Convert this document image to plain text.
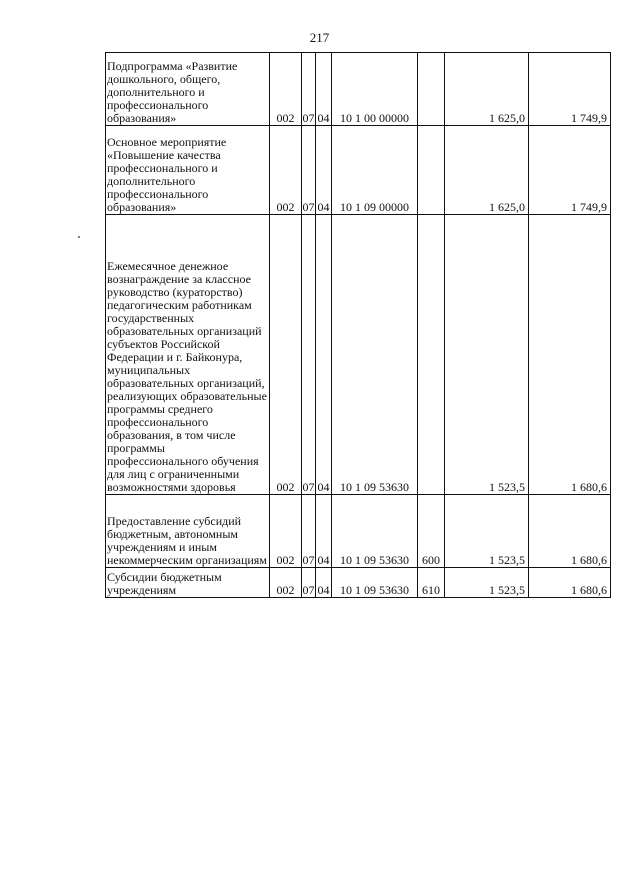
217
Подпрограмма «Развитие дошкольного, общего, дополнительного и профессионального образования»	002	07	04	10 1 00 00000		1 625,0	1 749,9
Основное мероприятие «Повышение качества профессионального и дополнительного профессионального образования»	002	07	04	10 1 09 00000		1 625,0	1 749,9
Ежемесячное денежное вознаграждение за классное руководство (кураторство) педагогическим работникам государственных образовательных организаций субъектов Российской Федерации и г. Байконура, муниципальных образовательных организаций, реализующих образовательные программы среднего профессионального образования, в том числе программы профессионального обучения для лиц с ограниченными возможностями здоровья	002	07	04	10 1 09 53630		1 523,5	1 680,6
Предоставление субсидий бюджетным, автономным учреждениям и иным некоммерческим организациям	002	07	04	10 1 09 53630	600	1 523,5	1 680,6
Субсидии бюджетным учреждениям	002	07	04	10 1 09 53630	610	1 523,5	1 680,6
